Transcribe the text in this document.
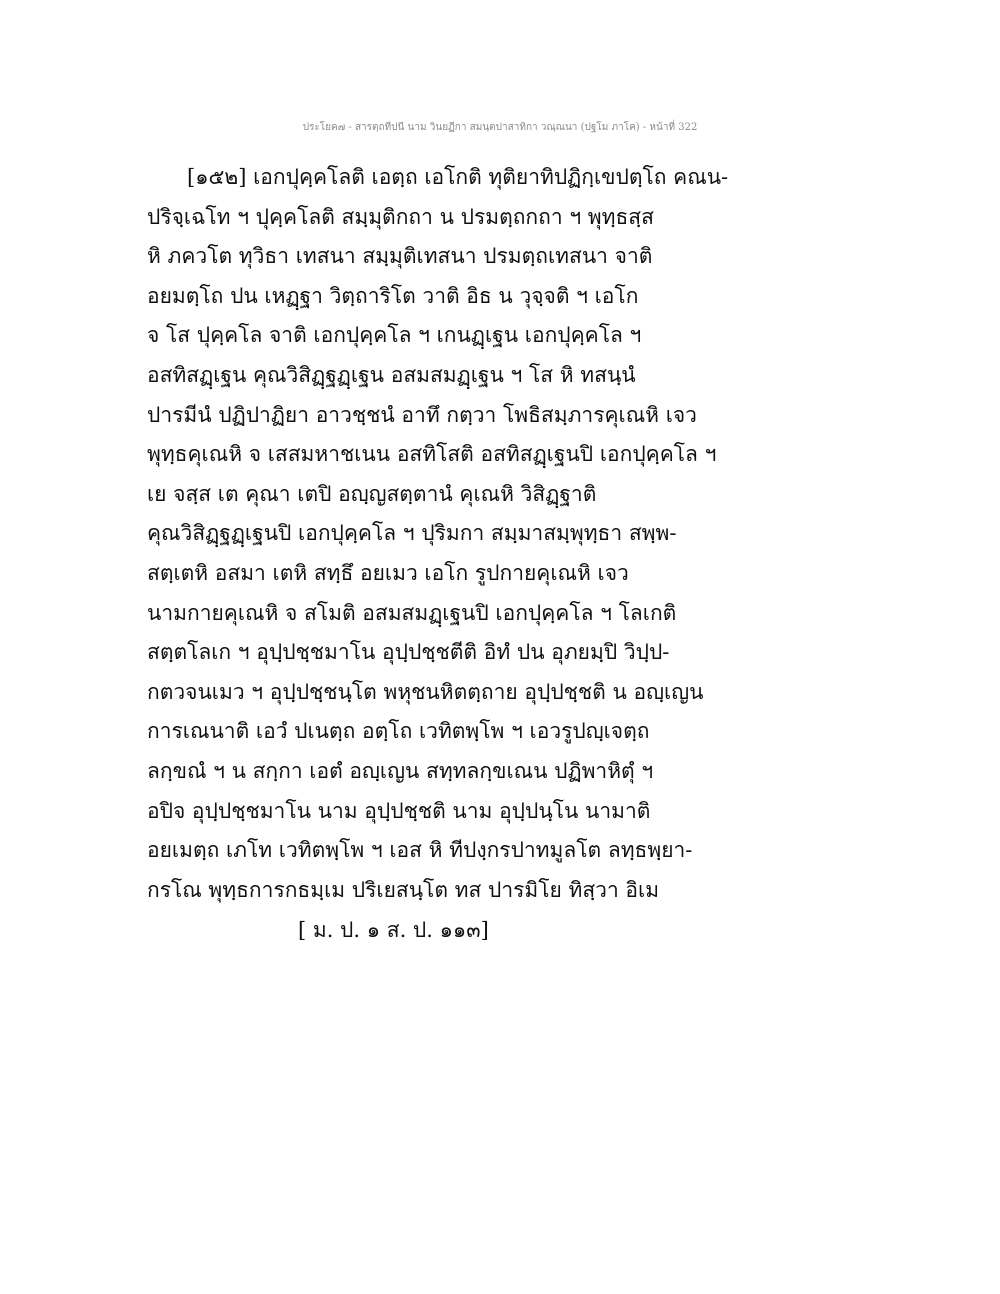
ประโยค๗ - สารตฺถทีปนี นาม วินยฏีกา สมนฺตปาสาทิกา วณฺณนา (ปฐโม ภาโค) - หน้าที่ 322
[๑๕๒] เอกปุคฺคโลติ เอตฺถ เอโกติ ทุติยาทิปฏิกฺเขปตฺโถ คณน-
ปริจฺเฉโท ฯ ปุคฺคโลติ สมฺมุติกถา น ปรมตฺถกถา ฯ พุทฺธสฺส
หิ ภควโต ทุวิธา เทสนา สมฺมุติเทสนา ปรมตฺถเทสนา จาติ
อยมตฺโถ ปน เหฏฺฐา วิตฺถาริโต วาติ อิธ น วุจฺจติ ฯ เอโก
จ โส ปุคฺคโล จาติ เอกปุคฺคโล ฯ เกนฏฺเฐน เอกปุคฺคโล ฯ
อสทิสฏฺเฐน คุณวิสิฏฺฐฏฺเฐน อสมสมฏฺเฐน ฯ โส หิ ทสนฺนํ
ปารมีนํ ปฏิปาฏิยา อาวชฺชนํ อาทึ กตฺวา โพธิสมฺภารคุเณหิ เจว
พุทฺธคุเณหิ จ เสสมหาชเนน อสทิโสติ อสทิสฏฺเฐนปิ เอกปุคฺคโล ฯ
เย จสฺส เต คุณา เตปิ อญฺญสตฺตานํ คุเณหิ วิสิฏฺฐาติ
คุณวิสิฏฺฐฏฺเฐนปิ เอกปุคฺคโล ฯ ปุริมกา สมฺมาสมฺพุทฺธา สพฺพ-
สตฺเตหิ อสมา เตหิ สทฺธึ อยเมว เอโก รูปกายคุเณหิ เจว
นามกายคุเณหิ จ สโมติ อสมสมฏฺเฐนปิ เอกปุคฺคโล ฯ โลเกติ
สตฺตโลเก ฯ อุปฺปชฺชมาโน อุปฺปชฺชตีติ อิทํ ปน อุภยมฺปิ วิปฺป-
กตวจนเมว ฯ อุปฺปชฺชนฺโต พหุชนหิตตฺถาย อุปฺปชฺชติ น อญฺเญน
การเณนาติ เอวํ ปเนตฺถ อตฺโถ เวทิตพฺโพ ฯ เอวรูปญฺเจตฺถ
ลกฺขณํ ฯ น สกฺกา เอตํ อญฺเญน สทฺทลกฺขเณน ปฏิพาหิตุํ ฯ
อปิจ อุปฺปชฺชมาโน นาม อุปฺปชฺชติ นาม อุปฺปนฺโน นามาติ
อยเมตฺถ เภโท เวทิตพฺโพ ฯ เอส หิ ทีปงฺกรปาทมูลโต ลทฺธพฺยา-
กรโณ พุทฺธการกธมฺเม ปริเยสนฺโต ทส ปารมิโย ทิสฺวา อิเม
[ ม. ป. ๑ ส. ป. ๑๑๓]
